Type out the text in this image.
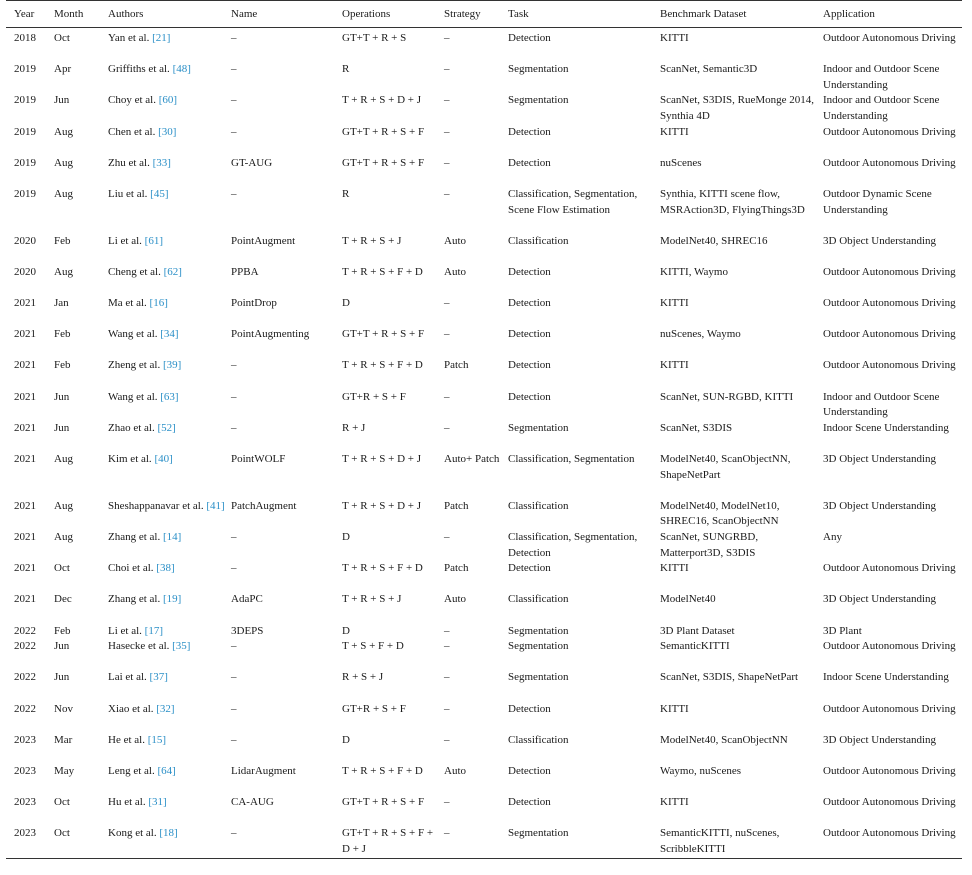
Year	Month	Authors	Name	Operations	Strategy	Task	Benchmark Dataset	Application
2018	Oct	Yan et al. [21]	–	GT+T + R + S	–	Detection	KITTI	Outdoor Autonomous Driving
2019	Apr	Griffiths et al. [48]	–	R	–	Segmentation	ScanNet, Semantic3D	Indoor and Outdoor Scene Understanding
2019	Jun	Choy et al. [60]	–	T + R + S + D + J	–	Segmentation	ScanNet, S3DIS, RueMonge 2014, Synthia 4D	Indoor and Outdoor Scene Understanding
2019	Aug	Chen et al. [30]	–	GT+T + R + S + F	–	Detection	KITTI	Outdoor Autonomous Driving
2019	Aug	Zhu et al. [33]	GT-AUG	GT+T + R + S + F	–	Detection	nuScenes	Outdoor Autonomous Driving
2019	Aug	Liu et al. [45]	–	R	–	Classification, Segmentation, Scene Flow Estimation	Synthia, KITTI scene flow, MSRAction3D, FlyingThings3D	Outdoor Dynamic Scene Understanding
2020	Feb	Li et al. [61]	PointAugment	T + R + S + J	Auto	Classification	ModelNet40, SHREC16	3D Object Understanding
2020	Aug	Cheng et al. [62]	PPBA	T + R + S + F + D	Auto	Detection	KITTI, Waymo	Outdoor Autonomous Driving
2021	Jan	Ma et al. [16]	PointDrop	D	–	Detection	KITTI	Outdoor Autonomous Driving
2021	Feb	Wang et al. [34]	PointAugmenting	GT+T + R + S + F	–	Detection	nuScenes, Waymo	Outdoor Autonomous Driving
2021	Feb	Zheng et al. [39]	–	T + R + S + F + D	Patch	Detection	KITTI	Outdoor Autonomous Driving
2021	Jun	Wang et al. [63]	–	GT+R + S + F	–	Detection	ScanNet, SUN-RGBD, KITTI	Indoor and Outdoor Scene Understanding
2021	Jun	Zhao et al. [52]	–	R + J	–	Segmentation	ScanNet, S3DIS	Indoor Scene Understanding
2021	Aug	Kim et al. [40]	PointWOLF	T + R + S + D + J	Auto+ Patch	Classification, Segmentation	ModelNet40, ScanObjectNN, ShapeNetPart	3D Object Understanding
2021	Aug	Sheshappanavar et al. [41]	PatchAugment	T + R + S + D + J	Patch	Classification	ModelNet40, ModelNet10, SHREC16, ScanObjectNN	3D Object Understanding
2021	Aug	Zhang et al. [14]	–	D	–	Classification, Segmentation, Detection	ScanNet, SUNGRBD, Matterport3D, S3DIS	Any
2021	Oct	Choi et al. [38]	–	T + R + S + F + D	Patch	Detection	KITTI	Outdoor Autonomous Driving
2021	Dec	Zhang et al. [19]	AdaPC	T + R + S + J	Auto	Classification	ModelNet40	3D Object Understanding
2022	Feb	Li et al. [17]	3DEPS	D	–	Segmentation	3D Plant Dataset	3D Plant
2022	Jun	Hasecke et al. [35]	–	T + S + F + D	–	Segmentation	SemanticKITTI	Outdoor Autonomous Driving
2022	Jun	Lai et al. [37]	–	R + S + J	–	Segmentation	ScanNet, S3DIS, ShapeNetPart	Indoor Scene Understanding
2022	Nov	Xiao et al. [32]	–	GT+R + S + F	–	Detection	KITTI	Outdoor Autonomous Driving
2023	Mar	He et al. [15]	–	D	–	Classification	ModelNet40, ScanObjectNN	3D Object Understanding
2023	May	Leng et al. [64]	LidarAugment	T + R + S + F + D	Auto	Detection	Waymo, nuScenes	Outdoor Autonomous Driving
2023	Oct	Hu et al. [31]	CA-AUG	GT+T + R + S + F	–	Detection	KITTI	Outdoor Autonomous Driving
2023	Oct	Kong et al. [18]	–	GT+T + R + S + F + D + J	–	Segmentation	SemanticKITTI, nuScenes, ScribbleKITTI	Outdoor Autonomous Driving
